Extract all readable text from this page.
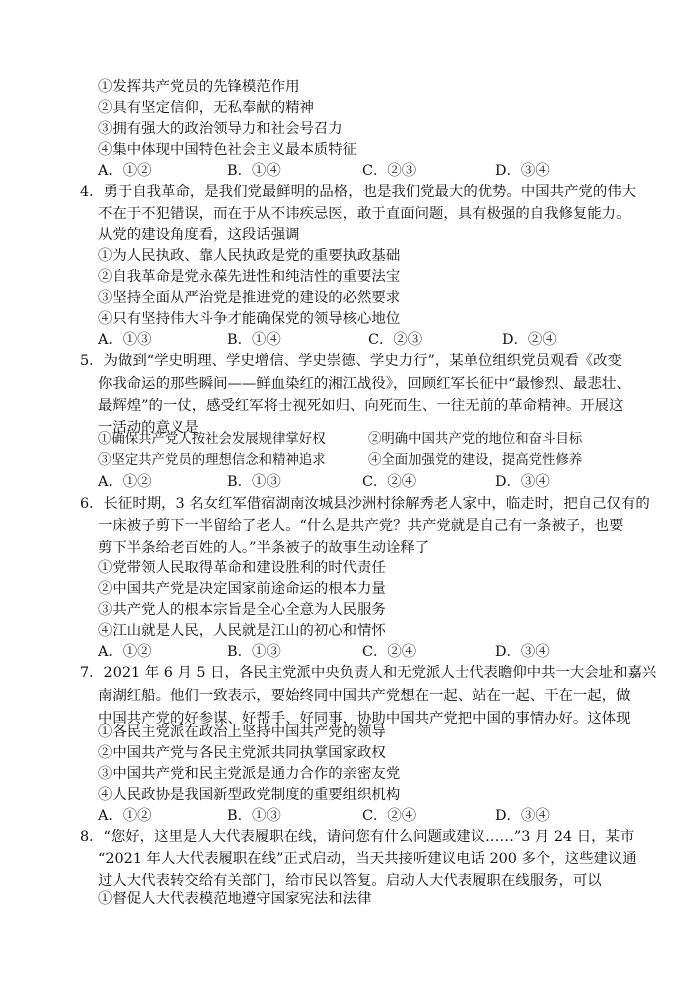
①发挥共产党员的先锋模范作用
②具有坚定信仰，无私奉献的精神
③拥有强大的政治领导力和社会号召力
④集中体现中国特色社会主义最本质特征
A．①②	B．①④	C．②③	D．③④
4．勇于自我革命，是我们党最鲜明的品格，也是我们党最大的优势。中国共产党的伟大
不在于不犯错误，而在于从不讳疾忌医，敢于直面问题，具有极强的自我修复能力。
从党的建设角度看，这段话强调
①为人民执政、靠人民执政是党的重要执政基础
②自我革命是党永葆先进性和纯洁性的重要法宝
③坚持全面从严治党是推进党的建设的必然要求
④只有坚持伟大斗争才能确保党的领导核心地位
A．①③	B．①④	C．②③	D．②④
5．为做到“学史明理、学史增信、学史崇德、学史力行”，某单位组织党员观看《改变
你我命运的那些瞬间——鲜血染红的湘江战役》，回顾红军长征中“最惨烈、最悲壮、
最辉煌”的一仗，感受红军将士视死如归、向死而生、一往无前的革命精神。开展这
一活动的意义是
①确保共产党人按社会发展规律掌好权	②明确中国共产党的地位和奋斗目标
③坚定共产党员的理想信念和精神追求	④全面加强党的建设，提高党性修养
A．①②	B．①③	C．②④	D．③④
6．长征时期，3 名女红军借宿湖南汝城县沙洲村徐解秀老人家中，临走时，把自己仅有的
一床被子剪下一半留给了老人。“什么是共产党？共产党就是自己有一条被子，也要
剪下半条给老百姓的人。”半条被子的故事生动诠释了
①党带领人民取得革命和建设胜利的时代责任
②中国共产党是决定国家前途命运的根本力量
③共产党人的根本宗旨是全心全意为人民服务
④江山就是人民，人民就是江山的初心和情怀
A．①②	B．①③	C．②④	D．③④
7．2021 年 6 月 5 日，各民主党派中央负责人和无党派人士代表瞻仰中共一大会址和嘉兴
南湖红船。他们一致表示，要始终同中国共产党想在一起、站在一起、干在一起，做
中国共产党的好参谋、好帮手、好同事，协助中国共产党把中国的事情办好。这体现
①各民主党派在政治上坚持中国共产党的领导
②中国共产党与各民主党派共同执掌国家政权
③中国共产党和民主党派是通力合作的亲密友党
④人民政协是我国新型政党制度的重要组织机构
A．①②	B．①③	C．②④	D．③④
8．“您好，这里是人大代表履职在线，请问您有什么问题或建议……”3 月 24 日，某市
“2021 年人大代表履职在线”正式启动，当天共接听建议电话 200 多个，这些建议通
过人大代表转交给有关部门，给市民以答复。启动人大代表履职在线服务，可以
①督促人大代表模范地遵守国家宪法和法律
